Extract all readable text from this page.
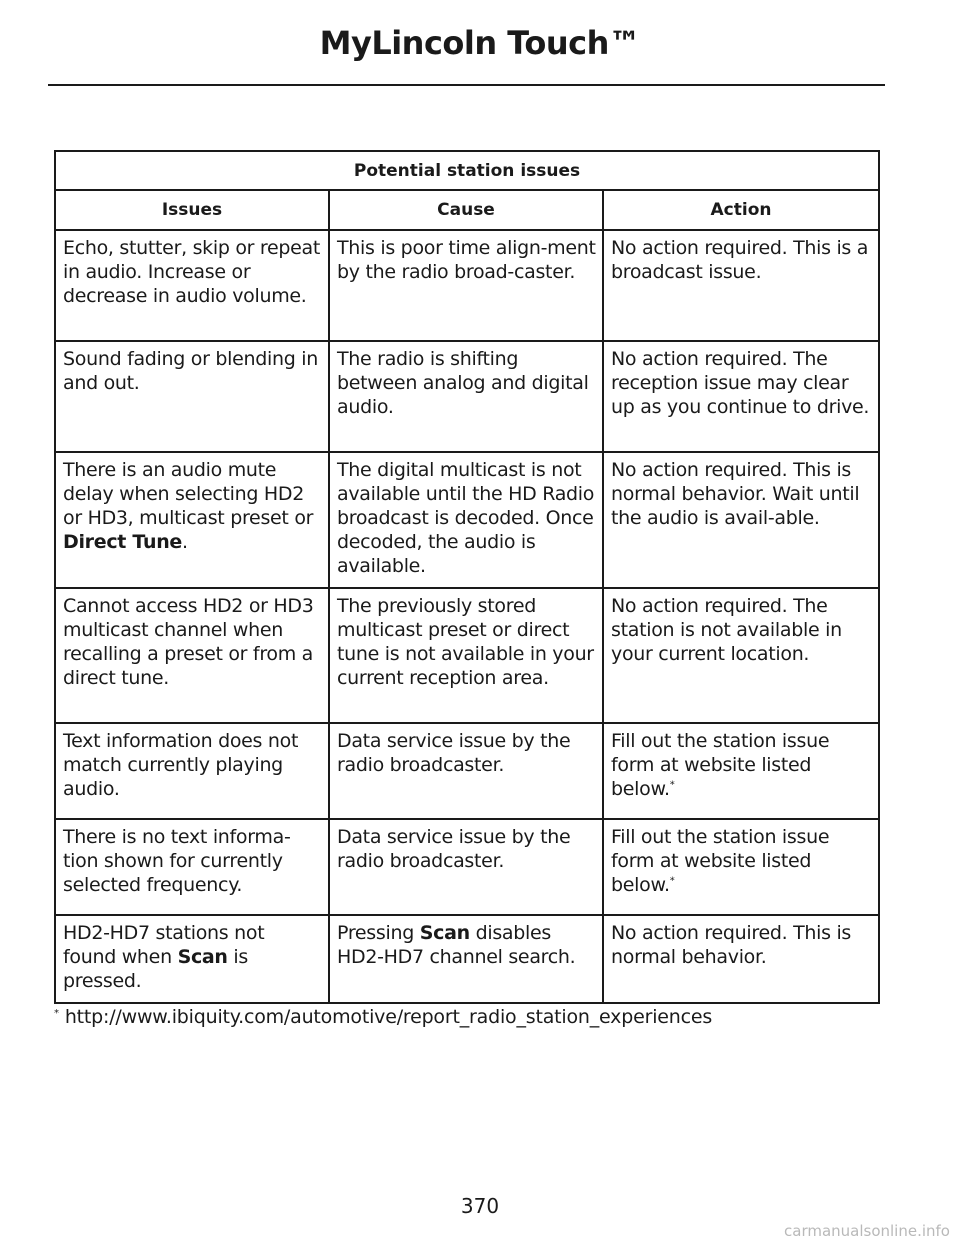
MyLincoln Touch™
Potential station issues		
Issues	Cause	Action
Echo, stutter, skip or repeat in audio. Increase or decrease in audio volume.	This is poor time align-ment by the radio broad-caster.	No action required. This is a broadcast issue.
Sound fading or blending in and out.	The radio is shifting between analog and digital audio.	No action required. The reception issue may clear up as you continue to drive.
There is an audio mute delay when selecting HD2 or HD3, multicast preset or Direct Tune.	The digital multicast is not available until the HD Radio broadcast is decoded. Once decoded, the audio is available.	No action required. This is normal behavior. Wait until the audio is avail-able.
Cannot access HD2 or HD3 multicast channel when recalling a preset or from a direct tune.	The previously stored multicast preset or direct tune is not available in your current reception area.	No action required. The station is not available in your current location.
Text information does not match currently playing audio.	Data service issue by the radio broadcaster.	Fill out the station issue form at website listed below.*
There is no text informa-tion shown for currently selected frequency.	Data service issue by the radio broadcaster.	Fill out the station issue form at website listed below.*
HD2-HD7 stations not found when Scan is pressed.	Pressing Scan disables HD2-HD7 channel search.	No action required. This is normal behavior.
* http://www.ibiquity.com/automotive/report_radio_station_experiences
370
carmanualsonline.info
